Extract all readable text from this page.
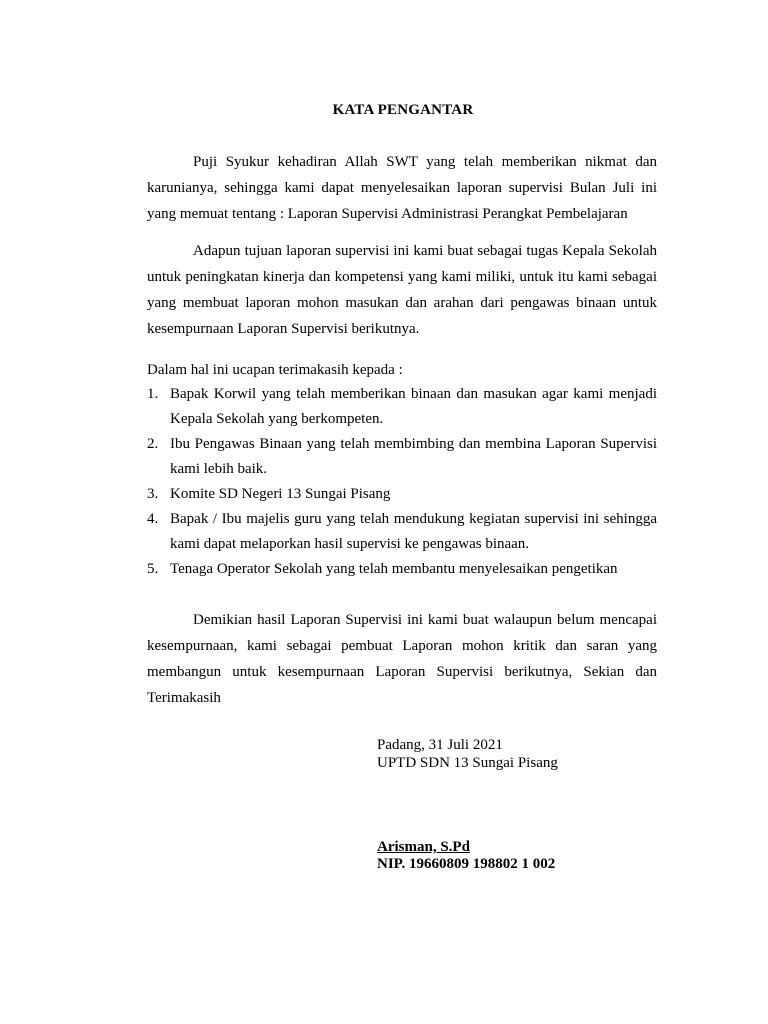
KATA PENGANTAR
Puji Syukur kehadiran Allah SWT yang telah memberikan nikmat dan karunianya, sehingga kami dapat menyelesaikan laporan supervisi Bulan Juli ini yang memuat tentang : Laporan Supervisi Administrasi Perangkat Pembelajaran
Adapun tujuan laporan supervisi ini kami buat sebagai tugas Kepala Sekolah untuk peningkatan kinerja dan kompetensi yang kami miliki, untuk itu kami sebagai yang membuat laporan mohon masukan dan arahan dari pengawas binaan untuk kesempurnaan Laporan Supervisi berikutnya.
Dalam hal ini ucapan terimakasih kepada :
1. Bapak Korwil yang telah memberikan binaan dan masukan agar kami menjadi Kepala Sekolah yang berkompeten.
2. Ibu Pengawas Binaan yang telah membimbing dan membina Laporan Supervisi kami lebih baik.
3. Komite SD Negeri 13 Sungai Pisang
4. Bapak / Ibu majelis guru yang telah mendukung kegiatan supervisi ini sehingga kami dapat melaporkan hasil supervisi ke pengawas binaan.
5. Tenaga Operator Sekolah yang telah membantu menyelesaikan pengetikan
Demikian hasil Laporan Supervisi ini kami buat walaupun belum mencapai kesempurnaan, kami sebagai pembuat Laporan mohon kritik dan saran yang membangun untuk kesempurnaan Laporan Supervisi berikutnya, Sekian dan Terimakasih
Padang, 31 Juli 2021
UPTD SDN 13 Sungai Pisang
Arisman, S.Pd
NIP. 19660809 198802 1 002
